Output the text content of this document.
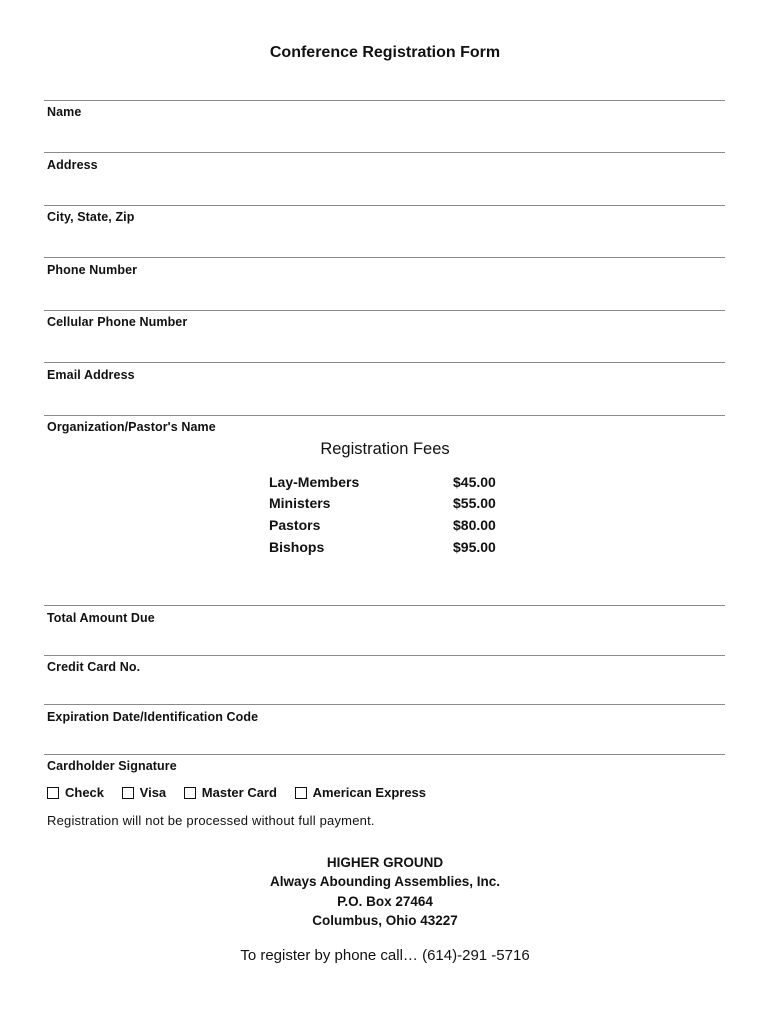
Conference Registration Form
Name
Address
City, State, Zip
Phone Number
Cellular Phone Number
Email Address
Organization/Pastor's Name
Registration Fees
Lay-Members	$45.00
Ministers	$55.00
Pastors	$80.00
Bishops	$95.00
Total Amount Due
Credit Card No.
Expiration Date/Identification Code
Cardholder Signature
Check
	Visa
	Master Card
	American Express
Registration will not be processed without full payment.
HIGHER GROUND
Always Abounding Assemblies, Inc.
P.O. Box 27464
Columbus, Ohio 43227
To register by phone call… (614)-291 -5716
